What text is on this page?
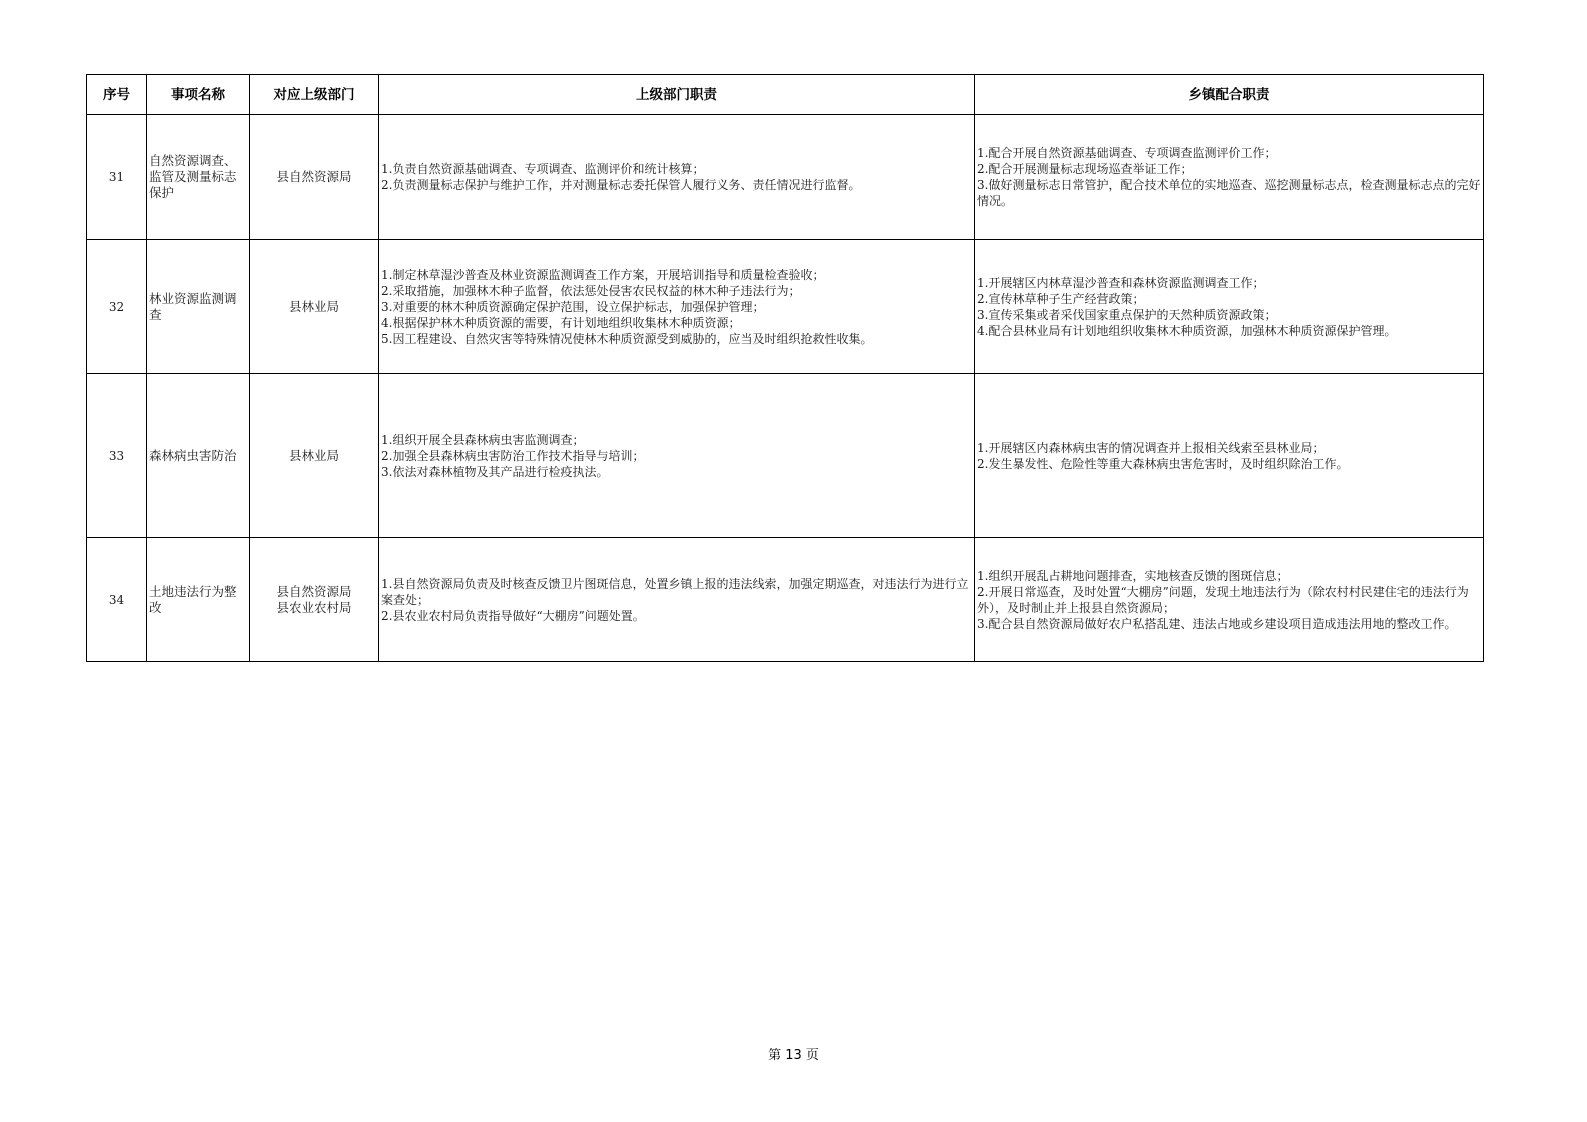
序号	事项名称	对应上级部门	上级部门职责	乡镇配合职责
31	自然资源调查、监管及测量标志保护	县自然资源局	1.负责自然资源基础调查、专项调查、监测评价和统计核算；
2.负责测量标志保护与维护工作，并对测量标志委托保管人履行义务、责任情况进行监督。	1.配合开展自然资源基础调查、专项调查监测评价工作；
2.配合开展测量标志现场巡查举证工作；
3.做好测量标志日常管护，配合技术单位的实地巡查、巡挖测量标志点，检查测量标志点的完好情况。

32	林业资源监测调查	县林业局	1.制定林草湿沙普查及林业资源监测调查工作方案，开展培训指导和质量检查验收；
2.采取措施，加强林木种子监督，依法惩处侵害农民权益的林木种子违法行为；
3.对重要的林木种质资源确定保护范围，设立保护标志，加强保护管理；
4.根据保护林木种质资源的需要，有计划地组织收集林木种质资源；
5.因工程建设、自然灾害等特殊情况使林木种质资源受到威胁的，应当及时组织抢救性收集。	1.开展辖区内林草湿沙普查和森林资源监测调查工作；
2.宣传林草种子生产经营政策；
3.宣传采集或者采伐国家重点保护的天然种质资源政策；
4.配合县林业局有计划地组织收集林木种质资源，加强林木种质资源保护管理。

33	森林病虫害防治	县林业局	1.组织开展全县森林病虫害监测调查；
2.加强全县森林病虫害防治工作技术指导与培训；
3.依法对森林植物及其产品进行检疫执法。	1.开展辖区内森林病虫害的情况调查并上报相关线索至县林业局；
2.发生暴发性、危险性等重大森林病虫害危害时，及时组织除治工作。

34	土地违法行为整改	县自然资源局
县农业农村局	1.县自然资源局负责及时核查反馈卫片图斑信息，处置乡镇上报的违法线索，加强定期巡查，对违法行为进行立案查处；
2.县农业农村局负责指导做好“大棚房”问题处置。	1.组织开展乱占耕地问题排查，实地核查反馈的图斑信息；
2.开展日常巡查，及时处置“大棚房”问题，发现土地违法行为（除农村村民建住宅的违法行为外），及时制止并上报县自然资源局；
3.配合县自然资源局做好农户私搭乱建、违法占地或乡建设项目造成违法用地的整改工作。
第 13 页
